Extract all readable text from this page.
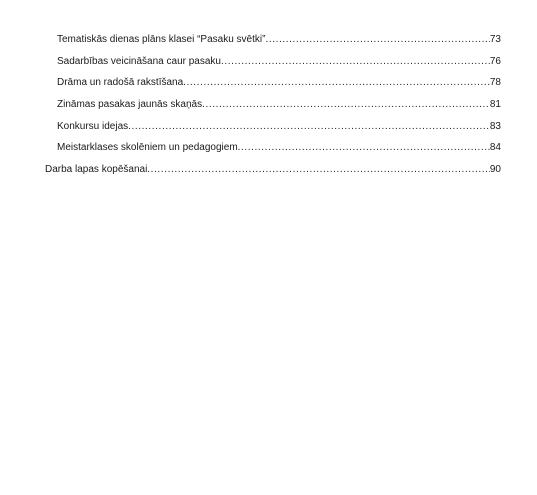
Tematiskās dienas plāns klasei “Pasaku svētki” .....	73
Sadarbības veicināšana caur pasaku .....	76
Drāma un radošā rakstīšana .....	78
Zināmas pasakas jaunās skaņās .....	81
Konkursu idejas .....	83
Meistarklases skolēniem un pedagogiem .....	84
Darba lapas kopēšanai .....	90
